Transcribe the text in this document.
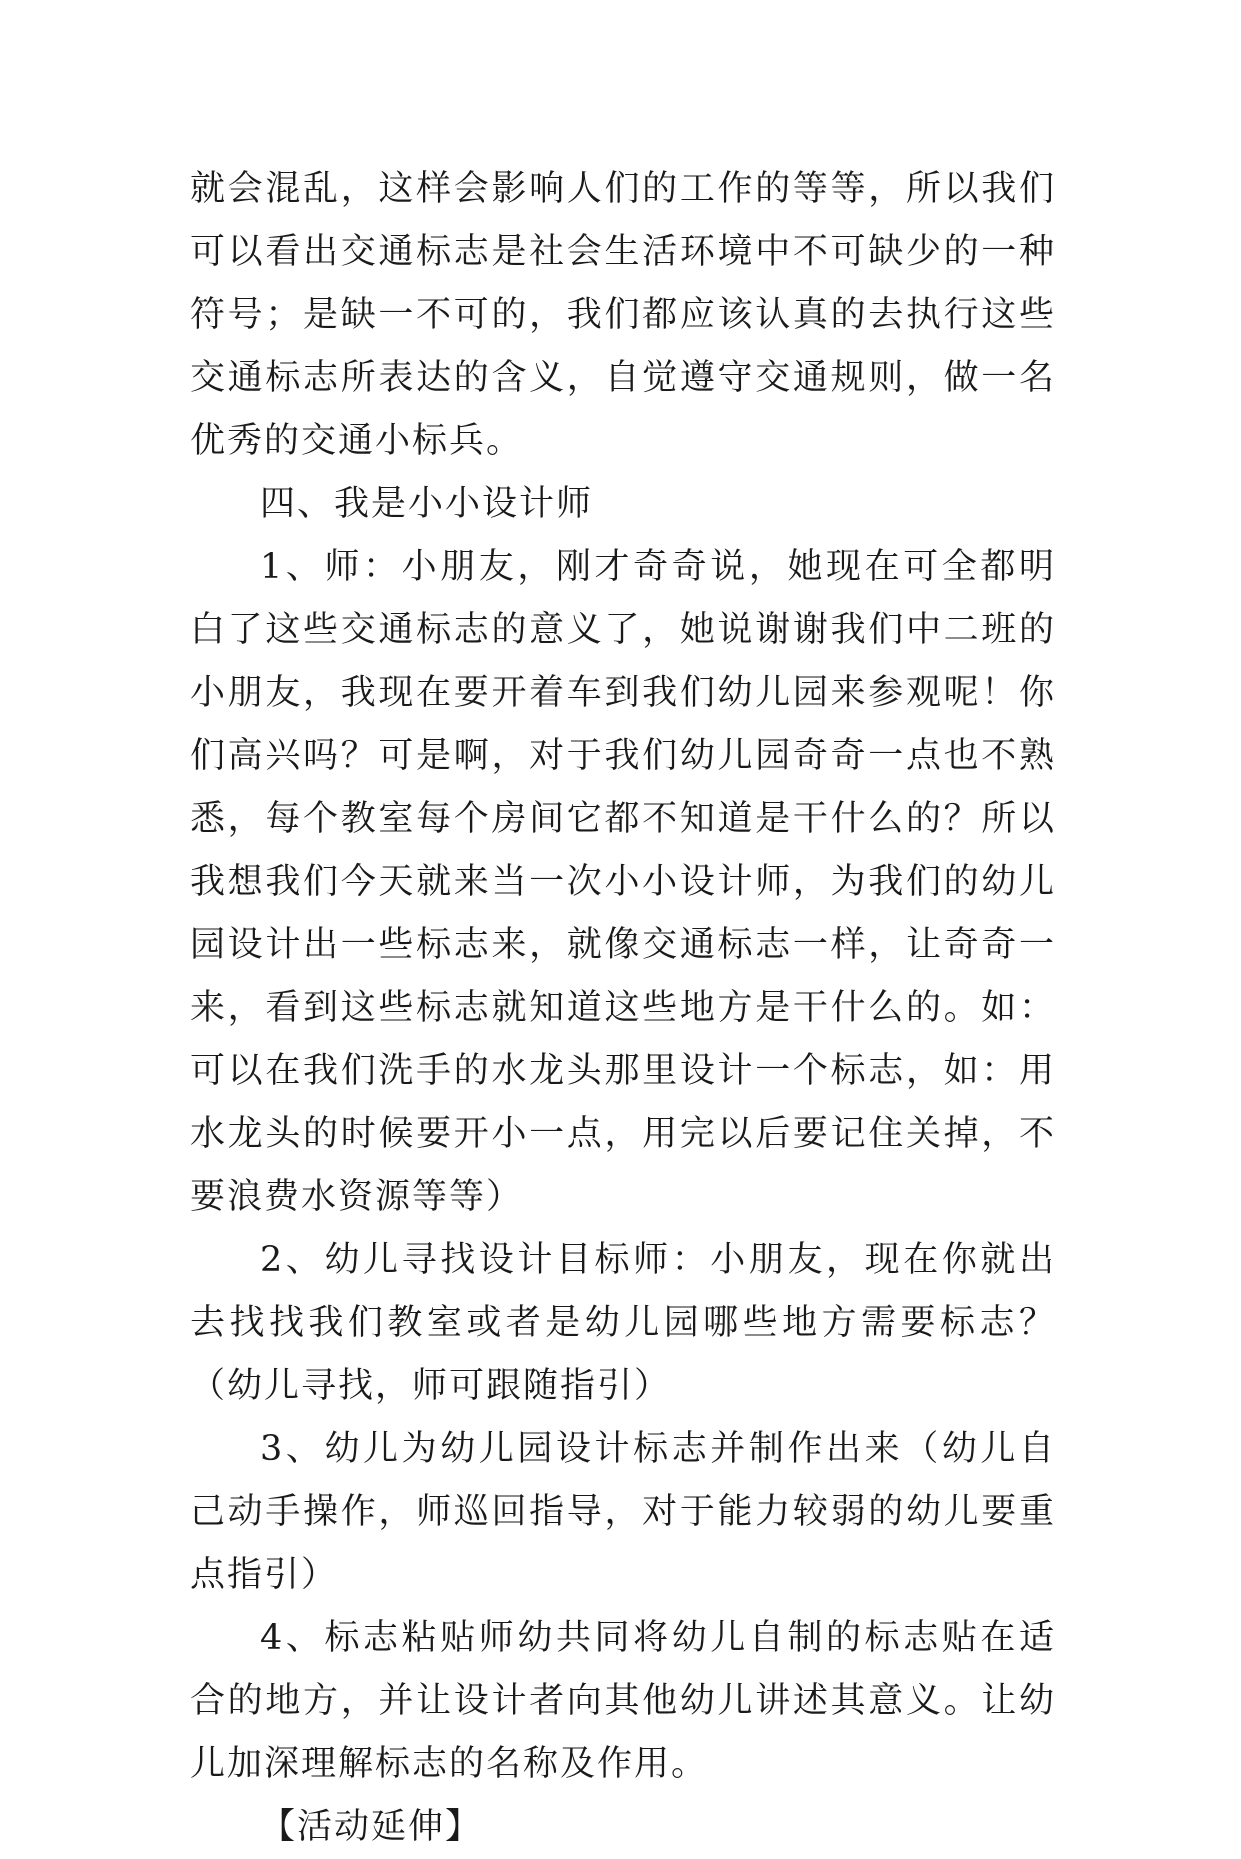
就会混乱，这样会影响人们的工作的等等，所以我们可以看出交通标志是社会生活环境中不可缺少的一种符号；是缺一不可的，我们都应该认真的去执行这些交通标志所表达的含义，自觉遵守交通规则，做一名优秀的交通小标兵。

四、我是小小设计师

1、师：小朋友，刚才奇奇说，她现在可全都明白了这些交通标志的意义了，她说谢谢我们中二班的小朋友，我现在要开着车到我们幼儿园来参观呢！你们高兴吗？可是啊，对于我们幼儿园奇奇一点也不熟悉，每个教室每个房间它都不知道是干什么的？所以我想我们今天就来当一次小小设计师，为我们的幼儿园设计出一些标志来，就像交通标志一样，让奇奇一来，看到这些标志就知道这些地方是干什么的。如：可以在我们洗手的水龙头那里设计一个标志，如：用水龙头的时候要开小一点，用完以后要记住关掉，不要浪费水资源等等）

2、幼儿寻找设计目标师：小朋友，现在你就出去找找我们教室或者是幼儿园哪些地方需要标志？（幼儿寻找，师可跟随指引）

3、幼儿为幼儿园设计标志并制作出来（幼儿自己动手操作，师巡回指导，对于能力较弱的幼儿要重点指引）

4、标志粘贴师幼共同将幼儿自制的标志贴在适合的地方，并让设计者向其他幼儿讲述其意义。让幼儿加深理解标志的名称及作用。

【活动延伸】
